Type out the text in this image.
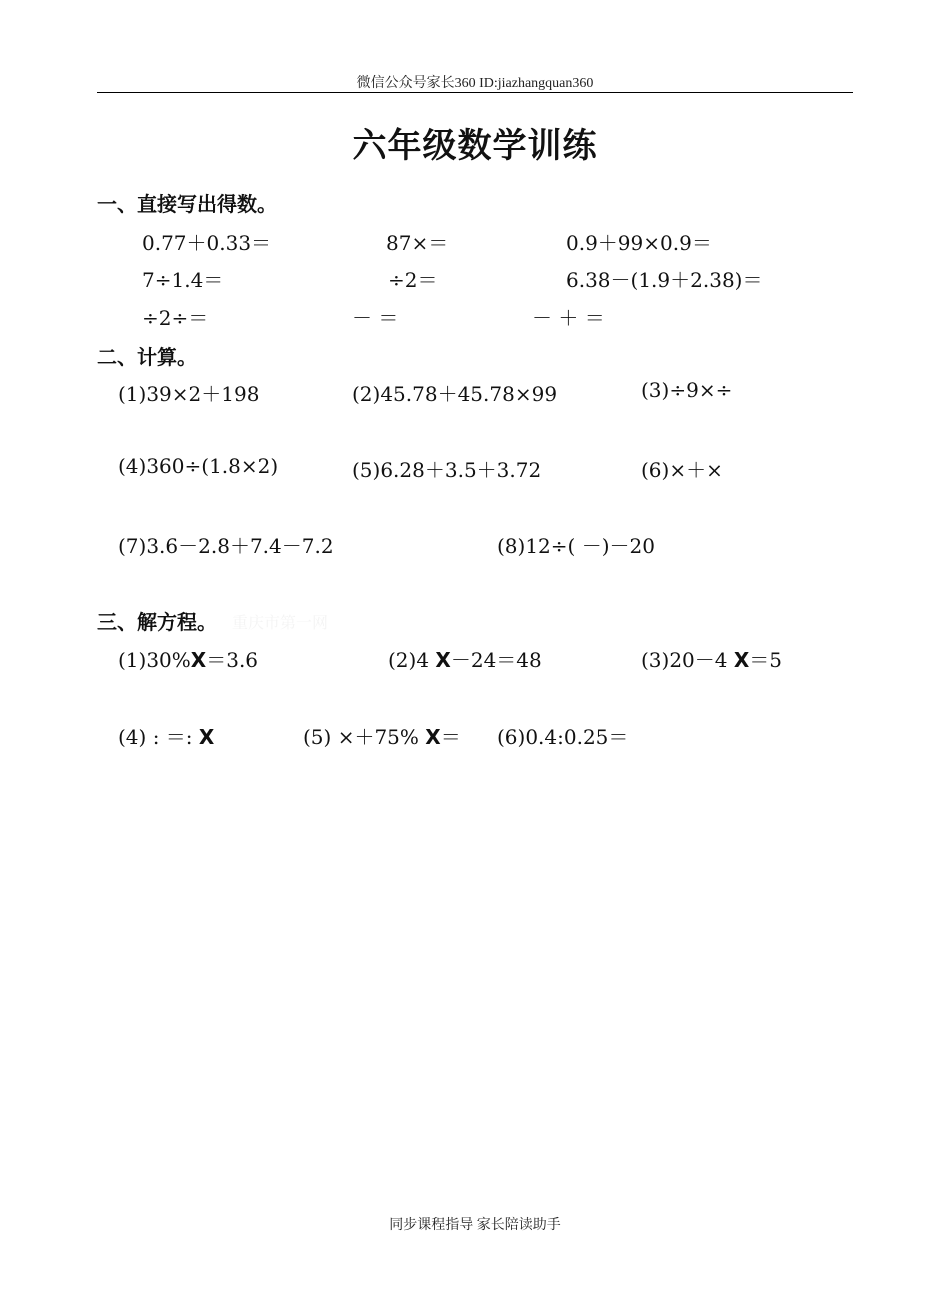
微信公众号家长360 ID:jiazhangquan360
六年级数学训练
一、直接写出得数。
0.77＋0.33＝	87×＝	0.9＋99×0.9＝
7÷1.4＝	÷2＝	6.38－(1.9＋2.38)＝
÷2÷＝	－ ＝	－ ＋ ＝
二、计算。
(1)39×2＋198	(2)45.78＋45.78×99	(3)÷9×÷
(4)360÷(1.8×2)	(5)6.28＋3.5＋3.72	(6)×＋×
(7)3.6－2.8＋7.4－7.2	(8)12÷( －)－20
三、解方程。 重庆市第一网
(1)30%X＝3.6	(2)4 X－24＝48	(3)20－4 X＝5
(4) : ＝: X	(5) ×＋75% X＝ (6)0.4:0.25＝
同步课程指导 家长陪读助手
